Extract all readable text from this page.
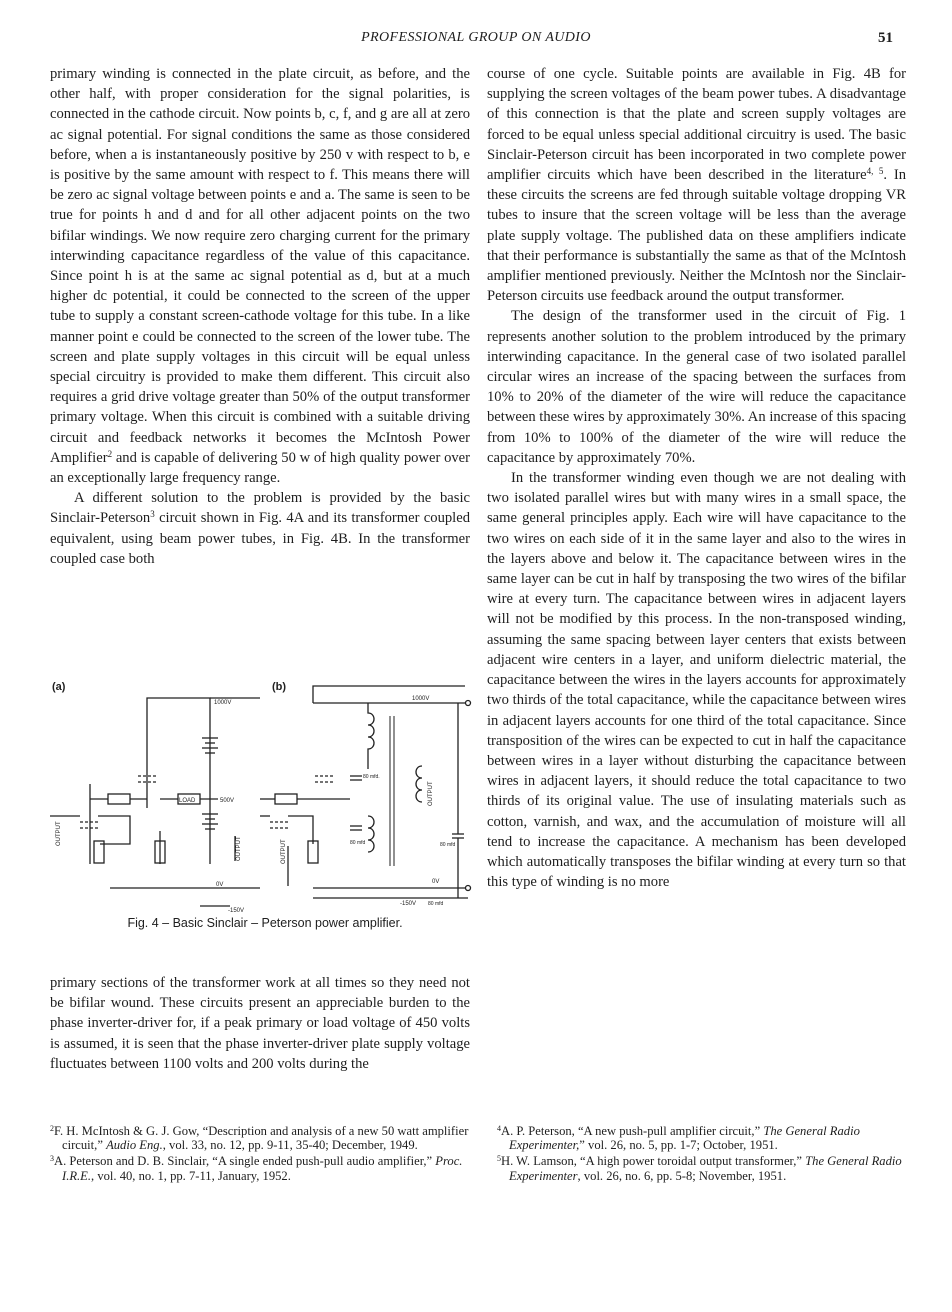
PROFESSIONAL GROUP ON AUDIO	51

primary winding is connected in the plate circuit, as before, and the other half, with proper consideration for the signal polarities, is connected in the cathode circuit. Now points b, c, f, and g are all at zero ac signal potential. For signal conditions the same as those considered before, when a is instantaneously positive by 250 v with respect to b, e is positive by the same amount with respect to f. This means there will be zero ac signal voltage between points e and a. The same is seen to be true for points h and d and for all other adjacent points on the two bifilar windings. We now require zero charging current for the primary interwinding capacitance regardless of the value of this capacitance. Since point h is at the same ac signal potential as d, but at a much higher dc potential, it could be connected to the screen of the upper tube to supply a constant screen-cathode voltage for this tube. In a like manner point e could be connected to the screen of the lower tube. The screen and plate supply voltages in this circuit will be equal unless special circuitry is provided to make them different. This circuit also requires a grid drive voltage greater than 50% of the output transformer primary voltage. When this circuit is combined with a suitable driving circuit and feedback networks it becomes the McIntosh Power Amplifier$^2$ and is capable of delivering 50 w of high quality power over an exceptionally large frequency range.

A different solution to the problem is provided by the basic Sinclair-Peterson$^3$ circuit shown in Fig. 4A and its transformer coupled equivalent, using beam power tubes, in Fig. 4B. In the transformer coupled case both

(a)	(b)
1000V
LOAD	500V
OUTPUT
OUTPUT
0V
-150V
1000V
OUTPUT
80 mfd.
80 mfd	80 mfd
OUTPUT
0V
-150V 80 mfd
Fig. 4 – Basic Sinclair – Peterson power amplifier.

primary sections of the transformer work at all times so they need not be bifilar wound. These circuits present an appreciable burden to the phase inverter-driver for, if a peak primary or load voltage of 450 volts is assumed, it is seen that the phase inverter-driver plate supply voltage fluctuates between 1100 volts and 200 volts during the

course of one cycle. Suitable points are available in Fig. 4B for supplying the screen voltages of the beam power tubes. A disadvantage of this connection is that the plate and screen supply voltages are forced to be equal unless special additional circuitry is used. The basic Sinclair-Peterson circuit has been incorporated in two complete power amplifier circuits which have been described in the literature$^{4, 5}$. In these circuits the screens are fed through suitable voltage dropping VR tubes to insure that the screen voltage will be less than the average plate supply voltage. The published data on these amplifiers indicate that their performance is substantially the same as that of the McIntosh amplifier mentioned previously. Neither the McIntosh nor the Sinclair-Peterson circuits use feedback around the output transformer.

The design of the transformer used in the circuit of Fig. 1 represents another solution to the problem introduced by the primary interwinding capacitance. In the general case of two isolated parallel circular wires an increase of the spacing between the surfaces from 10% to 20% of the diameter of the wire will reduce the capacitance between these wires by approximately 30%. An increase of this spacing from 10% to 100% of the diameter of the wire will reduce the capacitance by approximately 70%.

In the transformer winding even though we are not dealing with two isolated parallel wires but with many wires in a small space, the same general principles apply. Each wire will have capacitance to the two wires on each side of it in the same layer and also to the wires in the layers above and below it. The capacitance between wires in the same layer can be cut in half by transposing the two wires of the bifilar wire at every turn. The capacitance between wires in adjacent layers will not be modified by this process. In the non-transposed winding, assuming the same spacing between layer centers that exists between adjacent wire centers in a layer, and uniform dielectric material, the capacitance between the wires in the layers accounts for approximately two thirds of the total capacitance, while the capacitance between wires in adjacent layers accounts for one third of the total capacitance. Since transposition of the wires can be expected to cut in half the capacitance between wires in a layer without disturbing the capacitance between wires in adjacent layers, it should reduce the total capacitance to two thirds of its original value. The use of insulating materials such as cotton, varnish, and wax, and the accumulation of moisture will all tend to increase the capacitance. A mechanism has been developed which automatically transposes the bifilar winding at every turn so that this type of winding is no more

$^2$F. H. McIntosh & G. J. Gow, “Description and analysis of a new 50 watt amplifier circuit,” Audio Eng., vol. 33, no. 12, pp. 9-11, 35-40; December, 1949.

$^3$A. Peterson and D. B. Sinclair, “A single ended push-pull audio amplifier,” Proc. I.R.E., vol. 40, no. 1, pp. 7-11, January, 1952.

$^4$A. P. Peterson, “A new push-pull amplifier circuit,” The General Radio Experimenter,” vol. 26, no. 5, pp. 1-7; October, 1951.

$^5$H. W. Lamson, “A high power toroidal output transformer,” The General Radio Experimenter, vol. 26, no. 6, pp. 5-8; November, 1951.
